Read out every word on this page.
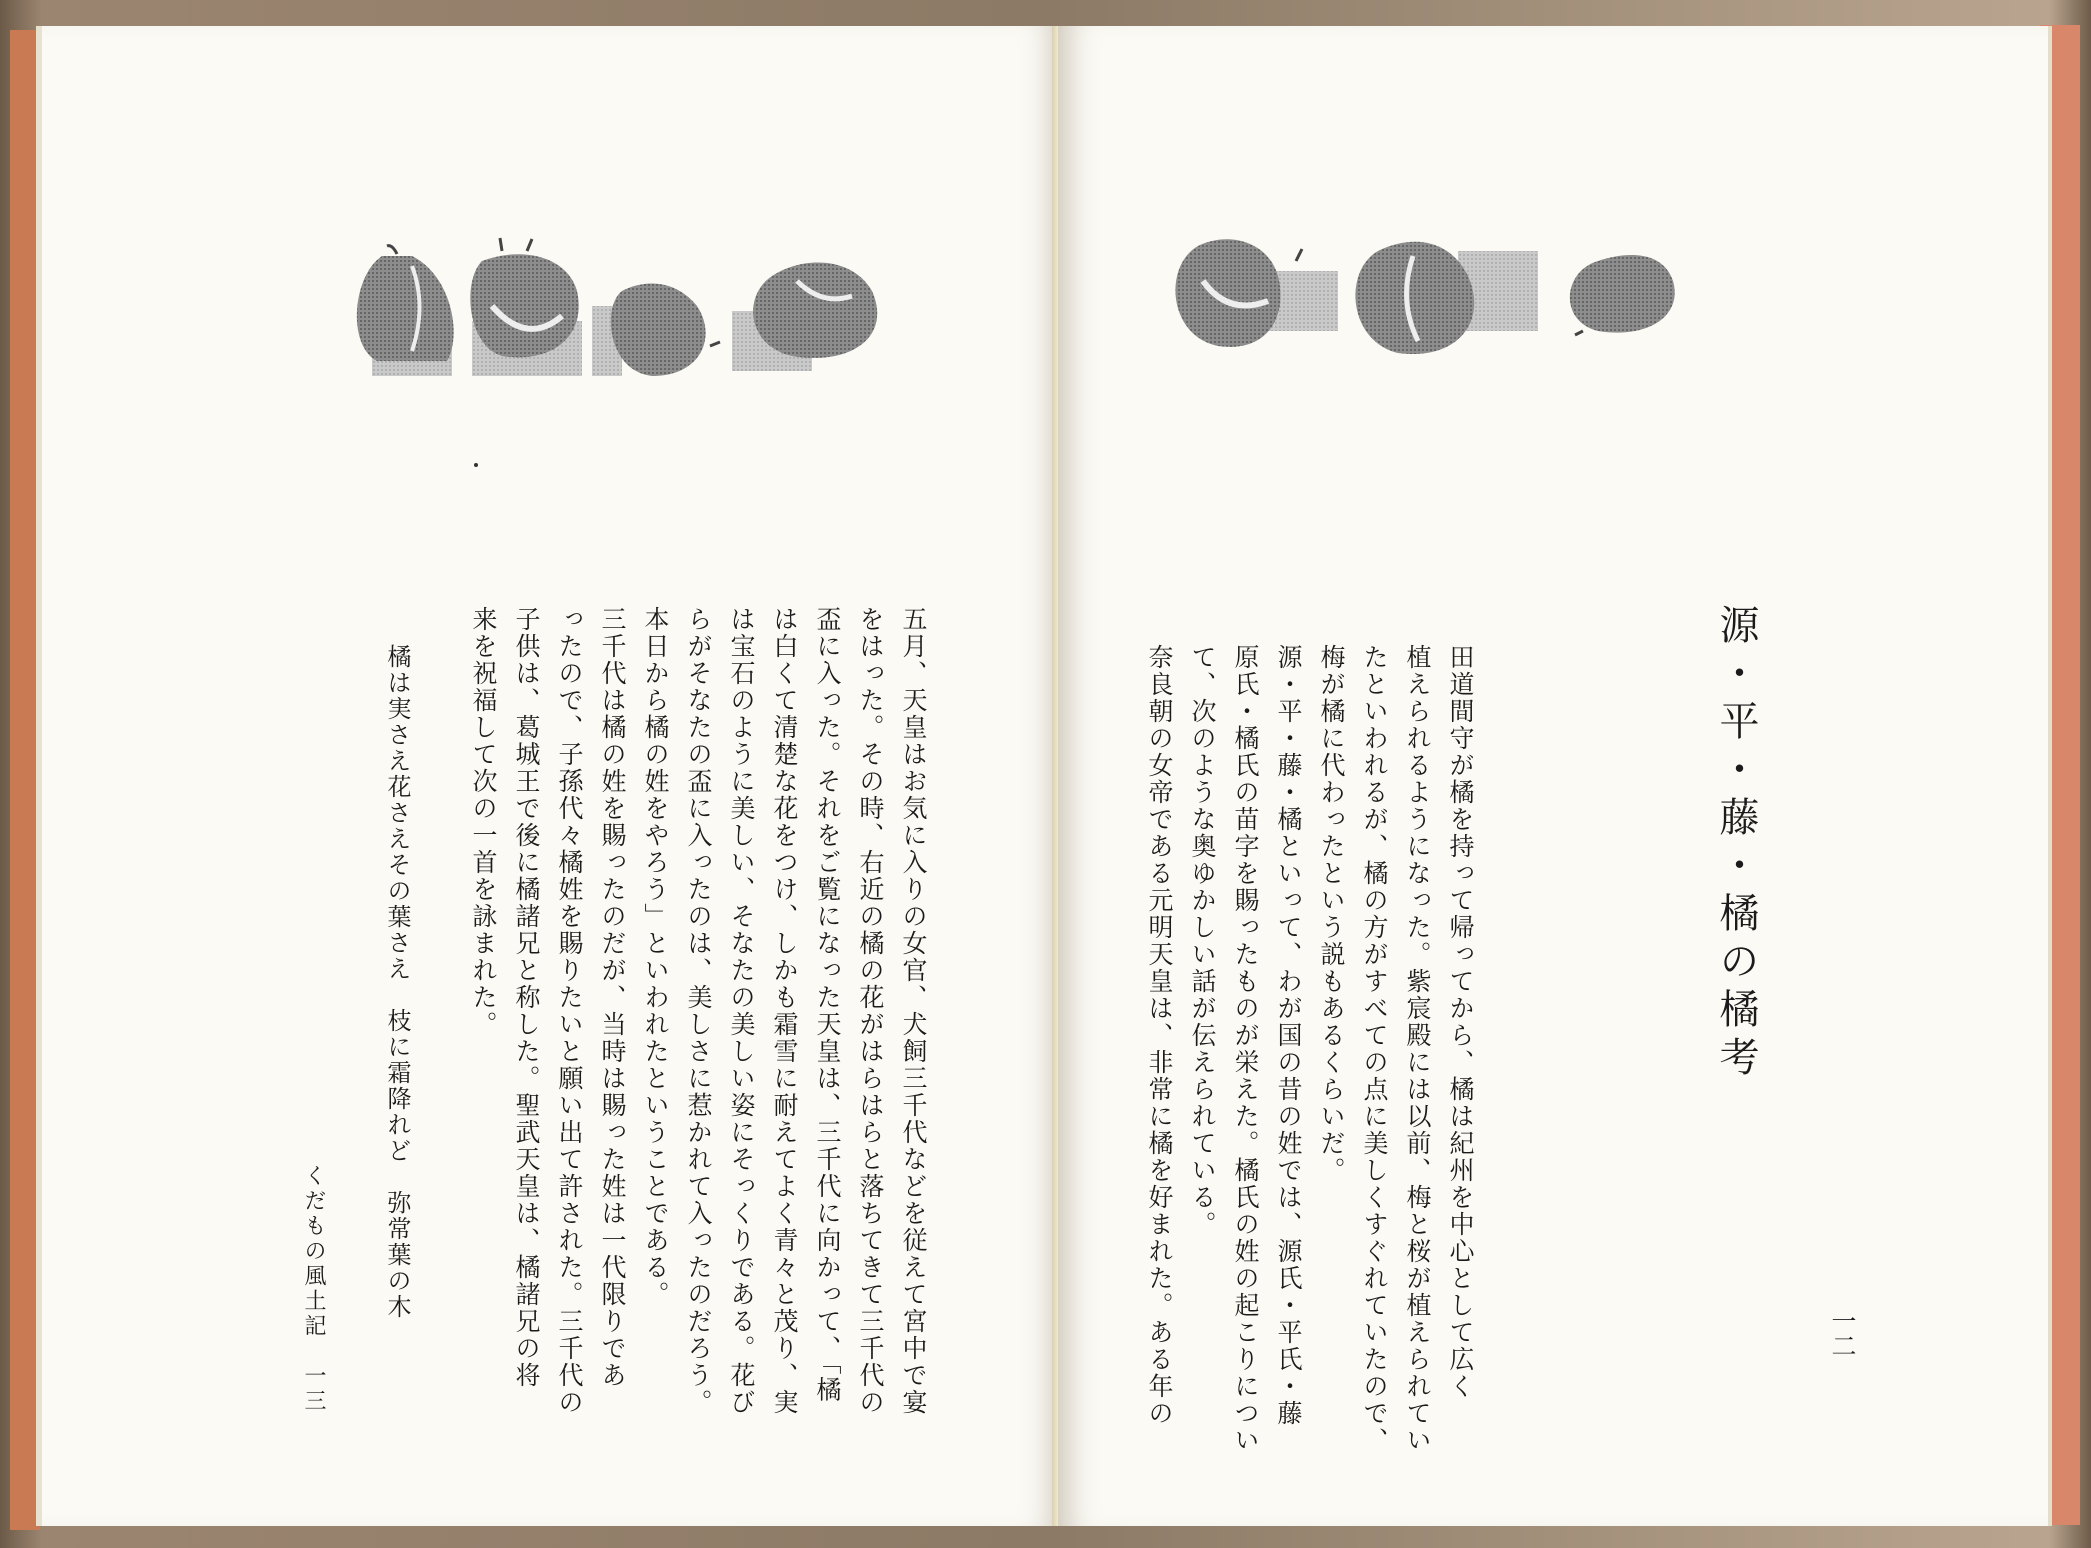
五月、天皇はお気に入りの女官、犬飼三千代などを従えて宮中で宴
をはった。その時、右近の橘の花がはらはらと落ちてきて三千代の
盃に入った。それをご覧になった天皇は、三千代に向かって、「橘
は白くて清楚な花をつけ、しかも霜雪に耐えてよく青々と茂り、実
は宝石のように美しい、そなたの美しい姿にそっくりである。花び
らがそなたの盃に入ったのは、美しさに惹かれて入ったのだろう。
本日から橘の姓をやろう」といわれたということである。
三千代は橘の姓を賜ったのだが、当時は賜った姓は一代限りであ
ったので、子孫代々橘姓を賜りたいと願い出て許された。三千代の
子供は、葛城王で後に橘諸兄と称した。聖武天皇は、橘諸兄の将
来を祝福して次の一首を詠まれた。
橘は実さえ花さえその葉さえ　枝に霜降れど　弥常葉の木
くだもの風土記　一三
源・平・藤・橘の橘考
田道間守が橘を持って帰ってから、橘は紀州を中心として広く
植えられるようになった。紫宸殿には以前、梅と桜が植えられてい
たといわれるが、橘の方がすべての点に美しくすぐれていたので、
梅が橘に代わったという説もあるくらいだ。
源・平・藤・橘といって、わが国の昔の姓では、源氏・平氏・藤
原氏・橘氏の苗字を賜ったものが栄えた。橘氏の姓の起こりについ
て、次のような奥ゆかしい話が伝えられている。
奈良朝の女帝である元明天皇は、非常に橘を好まれた。ある年の	一二
